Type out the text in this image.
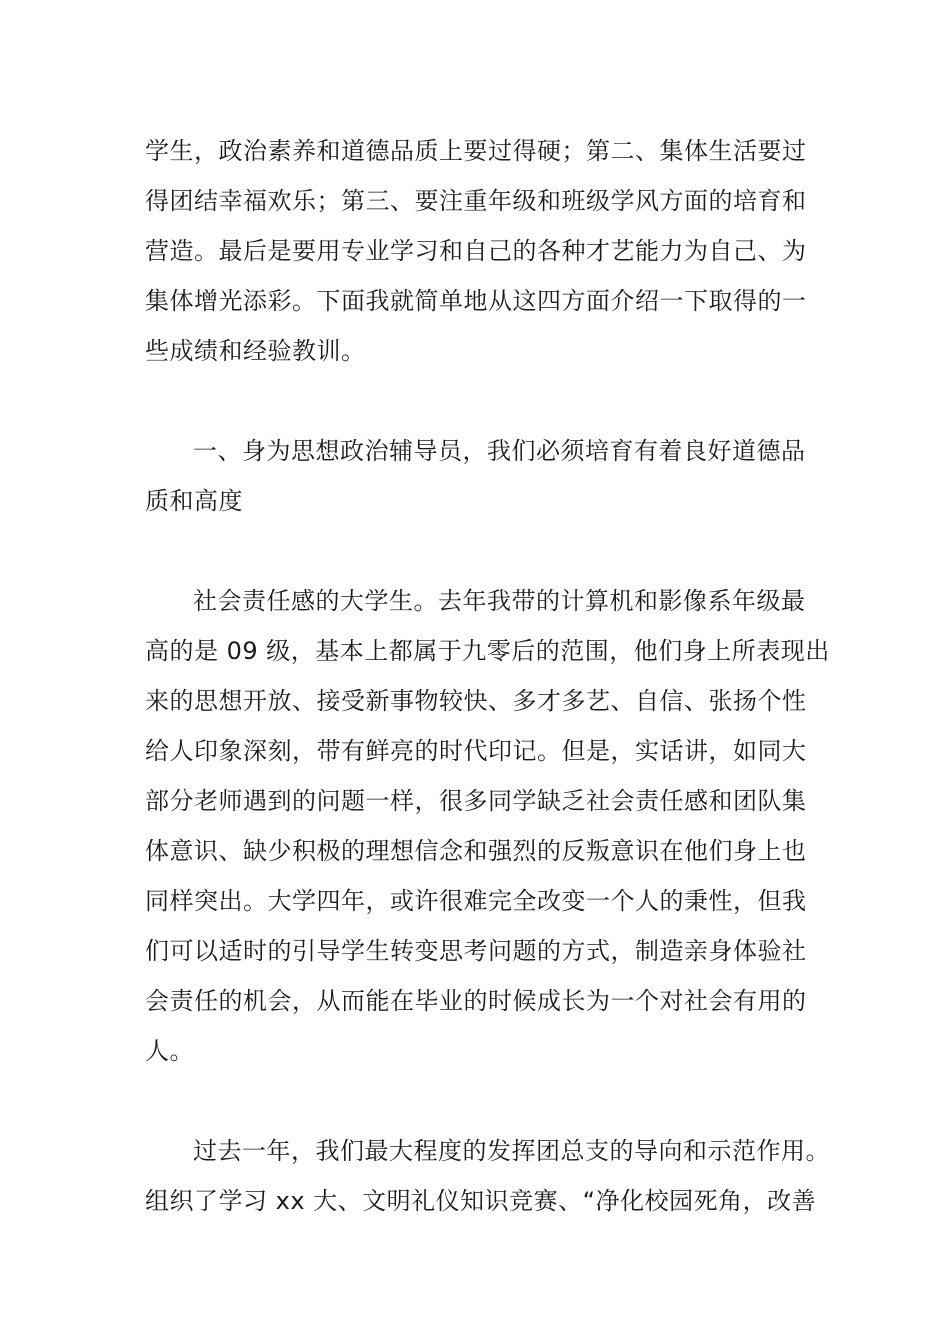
学生，政治素养和道德品质上要过得硬；第二、集体生活要过
得团结幸福欢乐；第三、要注重年级和班级学风方面的培育和
营造。最后是要用专业学习和自己的各种才艺能力为自己、为
集体增光添彩。下面我就简单地从这四方面介绍一下取得的一
些成绩和经验教训。
一、身为思想政治辅导员，我们必须培育有着良好道德品
质和高度
社会责任感的大学生。去年我带的计算机和影像系年级最
高的是 09 级，基本上都属于九零后的范围，他们身上所表现出
来的思想开放、接受新事物较快、多才多艺、自信、张扬个性
给人印象深刻，带有鲜亮的时代印记。但是，实话讲，如同大
部分老师遇到的问题一样，很多同学缺乏社会责任感和团队集
体意识、缺少积极的理想信念和强烈的反叛意识在他们身上也
同样突出。大学四年，或许很难完全改变一个人的秉性，但我
们可以适时的引导学生转变思考问题的方式，制造亲身体验社
会责任的机会，从而能在毕业的时候成长为一个对社会有用的
人。
过去一年，我们最大程度的发挥团总支的导向和示范作用。
组织了学习 xx 大、文明礼仪知识竞赛、“净化校园死角，改善
